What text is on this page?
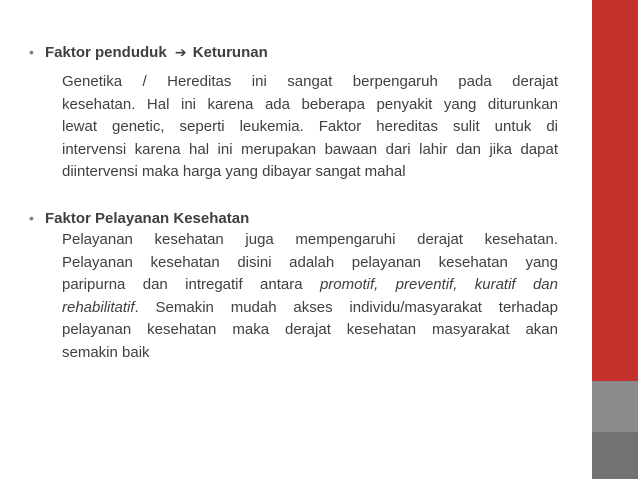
• Faktor penduduk ➔ Keturunan
Genetika / Hereditas ini sangat berpengaruh pada derajat
kesehatan. Hal ini karena ada beberapa penyakit yang diturunkan
lewat genetic, seperti leukemia. Faktor hereditas sulit untuk di
intervensi karena hal ini merupakan bawaan dari lahir dan jika dapat
diintervensi maka harga yang dibayar sangat mahal
• Faktor Pelayanan Kesehatan
Pelayanan kesehatan juga mempengaruhi derajat kesehatan.
Pelayanan kesehatan disini adalah pelayanan kesehatan yang
paripurna dan intregatif antara promotif, preventif, kuratif dan
rehabilitatif. Semakin mudah akses individu/masyarakat terhadap
pelayanan kesehatan maka derajat kesehatan masyarakat akan
semakin baik
